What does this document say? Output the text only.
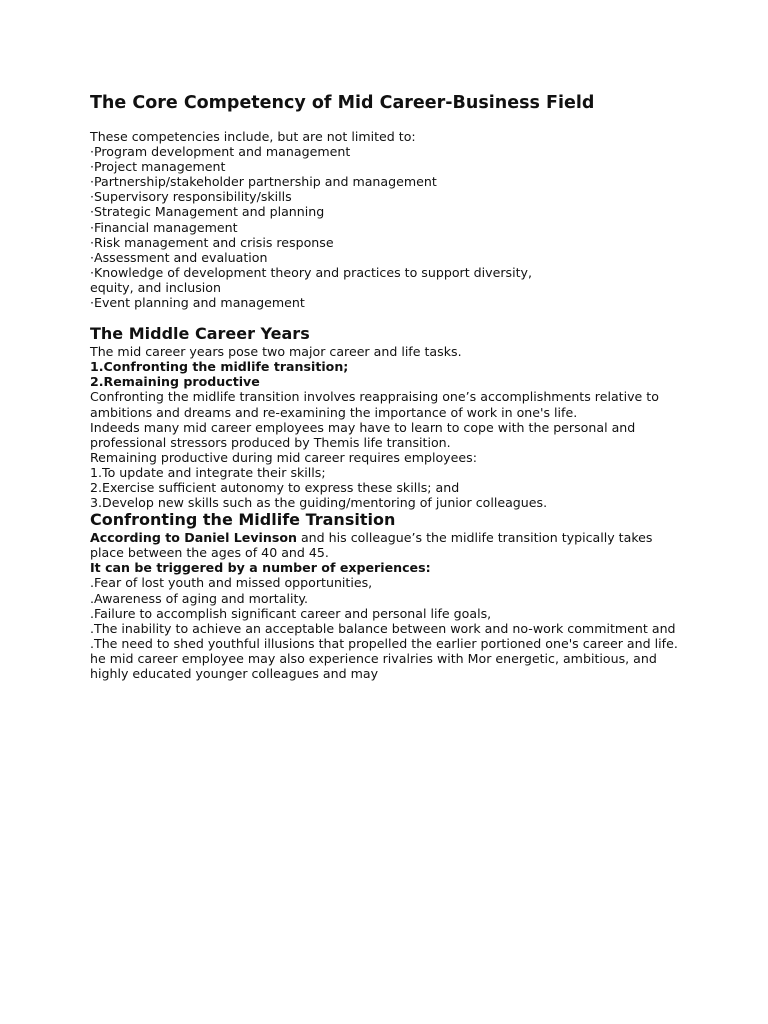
The Core Competency of Mid Career-Business Field
These competencies include, but are not limited to:
·Program development and management
·Project management
·Partnership/stakeholder partnership and management
·Supervisory responsibility/skills
·Strategic Management and planning
·Financial management
·Risk management and crisis response
·Assessment and evaluation
·Knowledge of development theory and practices to support diversity,
equity, and inclusion
·Event planning and management
The Middle Career Years
The mid career years pose two major career and life tasks.
1.Confronting the midlife transition;
2.Remaining productive
Confronting the midlife transition involves reappraising one’s accomplishments relative to
ambitions and dreams and re-examining the importance of work in one's life.
Indeeds many mid career employees may have to learn to cope with the personal and
professional stressors produced by Themis life transition.
Remaining productive during mid career requires employees:
1.To update and integrate their skills;
2.Exercise sufficient autonomy to express these skills; and
3.Develop new skills such as the guiding/mentoring of junior colleagues.
Confronting the Midlife Transition
According to Daniel Levinson and his colleague’s the midlife transition typically takes
place between the ages of 40 and 45.
It can be triggered by a number of experiences:
.Fear of lost youth and missed opportunities,
.Awareness of aging and mortality.
.Failure to accomplish significant career and personal life goals,
.The inability to achieve an acceptable balance between work and no-work commitment and
.The need to shed youthful illusions that propelled the earlier portioned one's career and life.
he mid career employee may also experience rivalries with Mor energetic, ambitious, and
highly educated younger colleagues and may
